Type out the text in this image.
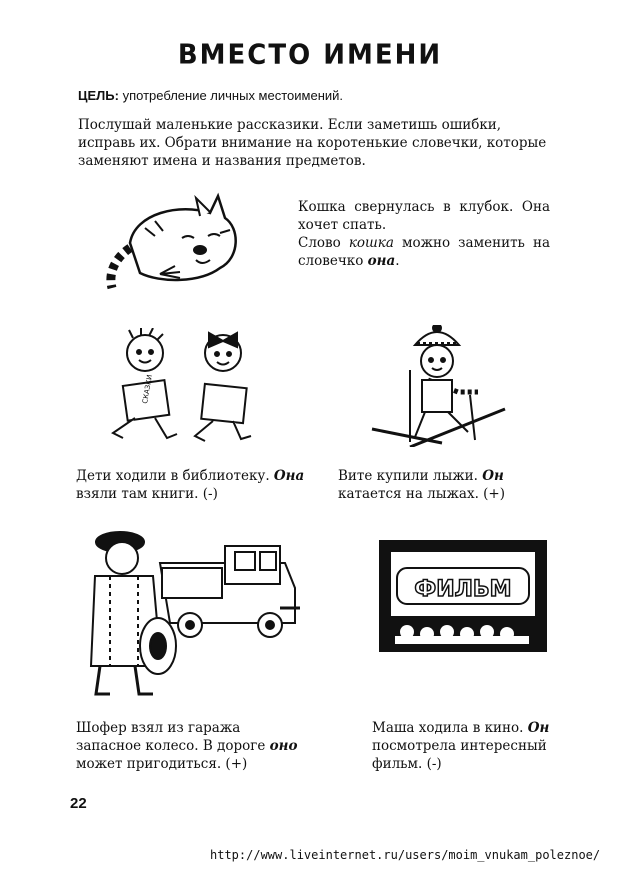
ВМЕСТО ИМЕНИ
ЦЕЛЬ: употребление личных местоимений.
Послушай маленькие рассказики. Если заметишь ошибки, исправь их. Обрати внимание на коротенькие словечки, которые заменяют имена и названия предметов.
Кошка свернулась в клубок. Она хочет спать.
Слово кошка можно заменить на словечко она.
СКАЗКИ
Дети ходили в библиотеку. Она взяли там книги. (-)
Вите купили лыжи. Он катается на лыжах. (+)
Шофер взял из гаража запасное колесо. В дороге оно может пригодиться. (+)
ФИЛЬМ
Маша ходила в кино. Он посмотрела интересный фильм. (-)
22
http://www.liveinternet.ru/users/moim_vnukam_poleznoe/
